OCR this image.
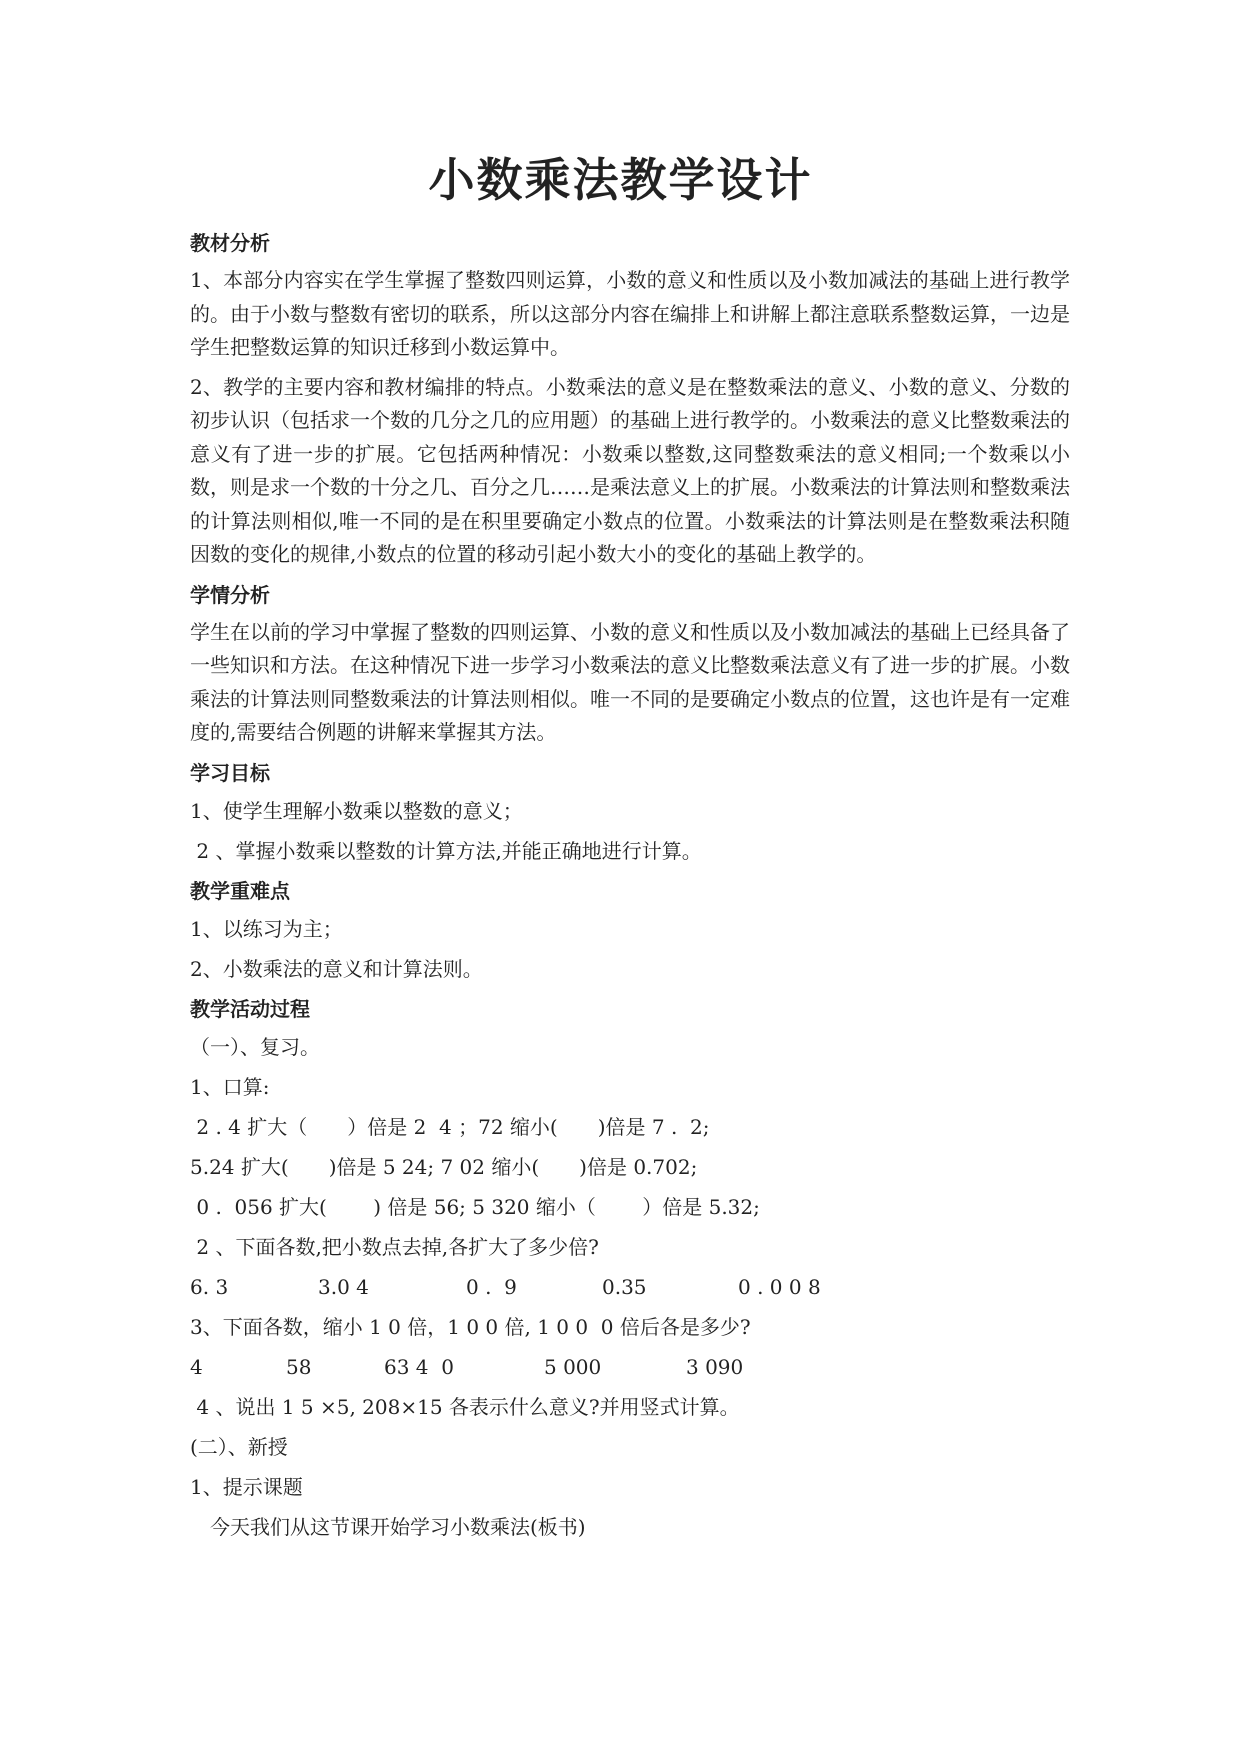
小数乘法教学设计
教材分析

1、本部分内容实在学生掌握了整数四则运算，小数的意义和性质以及小数加减法的基础上进行教学的。由于小数与整数有密切的联系，所以这部分内容在编排上和讲解上都注意联系整数运算，一边是学生把整数运算的知识迁移到小数运算中。

2、教学的主要内容和教材编排的特点。小数乘法的意义是在整数乘法的意义、小数的意义、分数的初步认识（包括求一个数的几分之几的应用题）的基础上进行教学的。小数乘法的意义比整数乘法的意义有了进一步的扩展。它包括两种情况：小数乘以整数,这同整数乘法的意义相同;一个数乘以小数，则是求一个数的十分之几、百分之几……是乘法意义上的扩展。小数乘法的计算法则和整数乘法的计算法则相似,唯一不同的是在积里要确定小数点的位置。小数乘法的计算法则是在整数乘法积随因数的变化的规律,小数点的位置的移动引起小数大小的变化的基础上教学的。

学情分析

学生在以前的学习中掌握了整数的四则运算、小数的意义和性质以及小数加减法的基础上已经具备了一些知识和方法。在这种情况下进一步学习小数乘法的意义比整数乘法意义有了进一步的扩展。小数乘法的计算法则同整数乘法的计算法则相似。唯一不同的是要确定小数点的位置，这也许是有一定难度的,需要结合例题的讲解来掌握其方法。

学习目标
1、使学生理解小数乘以整数的意义；
2 、掌握小数乘以整数的计算方法,并能正确地进行计算。
教学重难点
1、以练习为主；
2、小数乘法的意义和计算法则。
教学活动过程
（一）、复习。
1、口算:
2 . 4 扩大（　　）倍是 2  4 ；72 缩小(　　)倍是 7 .  2;
5.24 扩大(　　)倍是 5 24; 7 02 缩小(　　)倍是 0.702;
0 .  056 扩大(　　 ) 倍是 56; 5 320 缩小（　　 ）倍是 5.32;
2 、下面各数,把小数点去掉,各扩大了多少倍?
6. 3	3.0 4	0 .  9	0.35	0 . 0 0 8
3、下面各数，缩小 1 0 倍，1 0 0 倍, 1 0 0  0 倍后各是多少?
4	58	63 4  0	5 000	3 090
4 、说出 1 5 ×5, 208×15 各表示什么意义?并用竖式计算。
(二）、新授
1、提示课题
今天我们从这节课开始学习小数乘法(板书)
